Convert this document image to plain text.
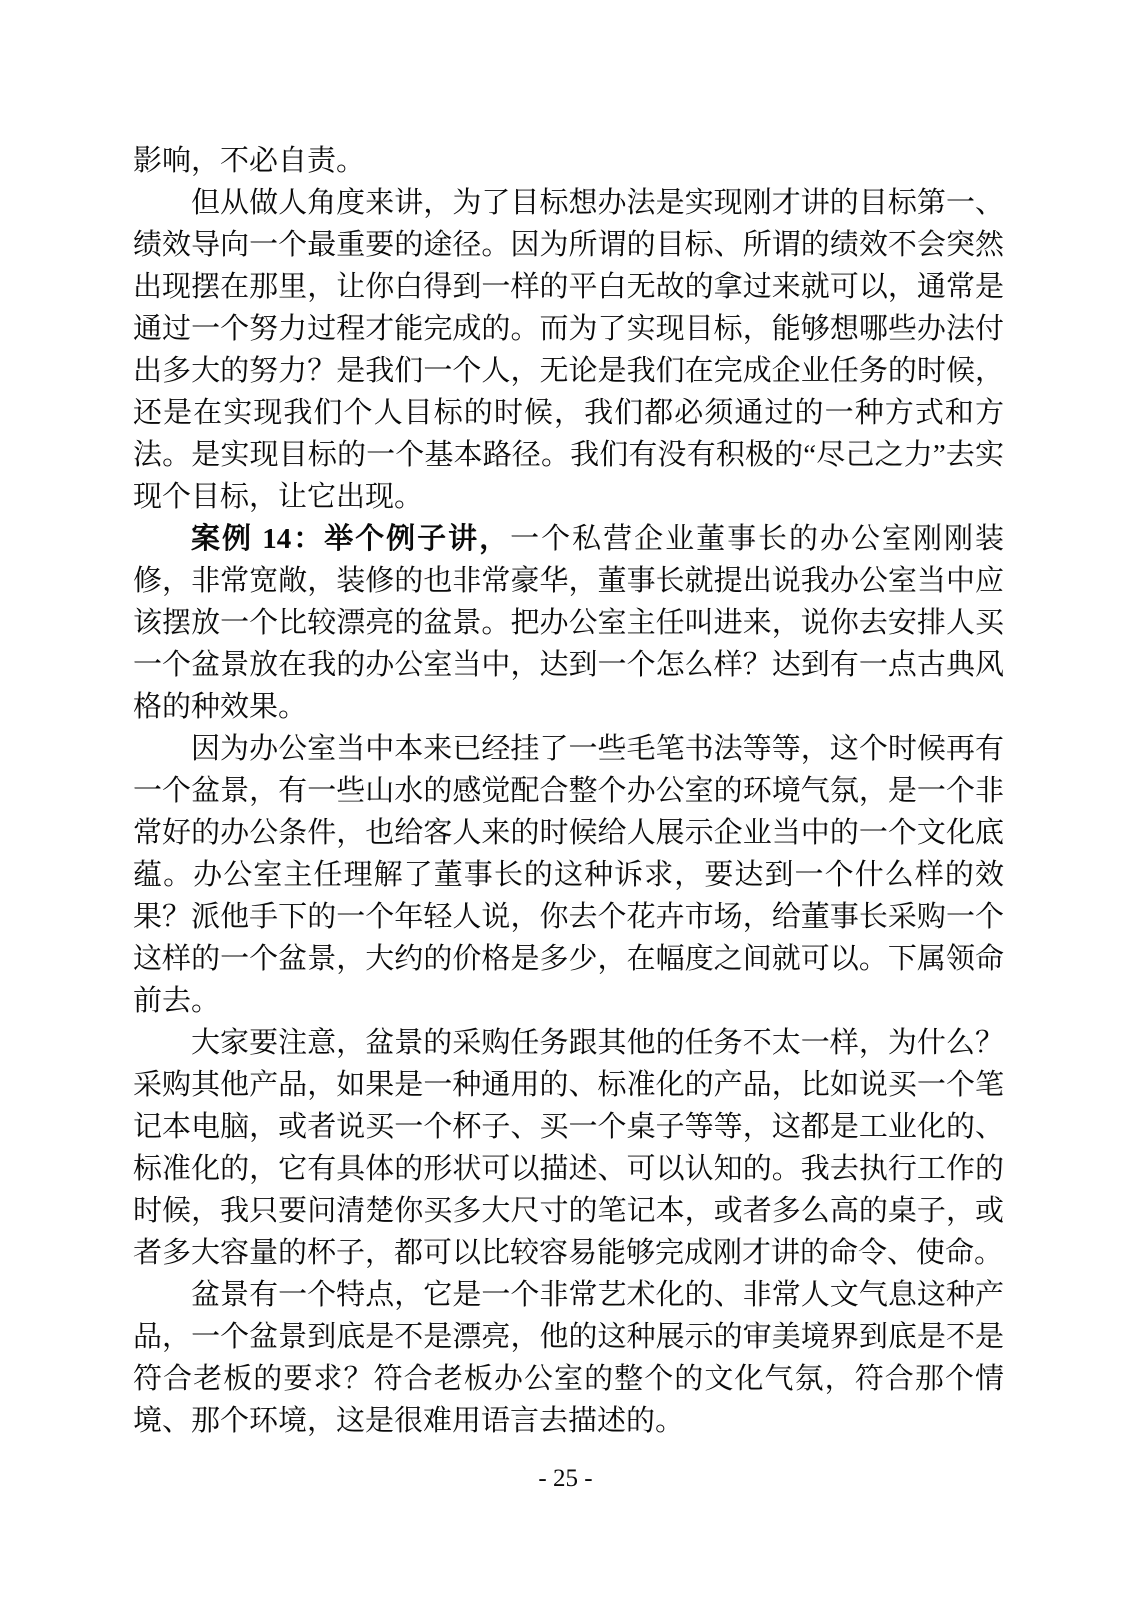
影响，不必自责。

但从做人角度来讲，为了目标想办法是实现刚才讲的目标第一、绩效导向一个最重要的途径。因为所谓的目标、所谓的绩效不会突然出现摆在那里，让你白得到一样的平白无故的拿过来就可以，通常是通过一个努力过程才能完成的。而为了实现目标，能够想哪些办法付出多大的努力？是我们一个人，无论是我们在完成企业任务的时候，还是在实现我们个人目标的时候，我们都必须通过的一种方式和方法。是实现目标的一个基本路径。我们有没有积极的“尽己之力”去实现个目标，让它出现。

案例 14：举个例子讲，一个私营企业董事长的办公室刚刚装修，非常宽敞，装修的也非常豪华，董事长就提出说我办公室当中应该摆放一个比较漂亮的盆景。把办公室主任叫进来，说你去安排人买一个盆景放在我的办公室当中，达到一个怎么样？达到有一点古典风格的种效果。

因为办公室当中本来已经挂了一些毛笔书法等等，这个时候再有一个盆景，有一些山水的感觉配合整个办公室的环境气氛，是一个非常好的办公条件，也给客人来的时候给人展示企业当中的一个文化底蕴。办公室主任理解了董事长的这种诉求，要达到一个什么样的效果？派他手下的一个年轻人说，你去个花卉市场，给董事长采购一个这样的一个盆景，大约的价格是多少，在幅度之间就可以。下属领命前去。

大家要注意，盆景的采购任务跟其他的任务不太一样，为什么？采购其他产品，如果是一种通用的、标准化的产品，比如说买一个笔记本电脑，或者说买一个杯子、买一个桌子等等，这都是工业化的、标准化的，它有具体的形状可以描述、可以认知的。我去执行工作的时候，我只要问清楚你买多大尺寸的笔记本，或者多么高的桌子，或者多大容量的杯子，都可以比较容易能够完成刚才讲的命令、使命。

盆景有一个特点，它是一个非常艺术化的、非常人文气息这种产品，一个盆景到底是不是漂亮，他的这种展示的审美境界到底是不是符合老板的要求？符合老板办公室的整个的文化气氛，符合那个情境、那个环境，这是很难用语言去描述的。

- 25 -
